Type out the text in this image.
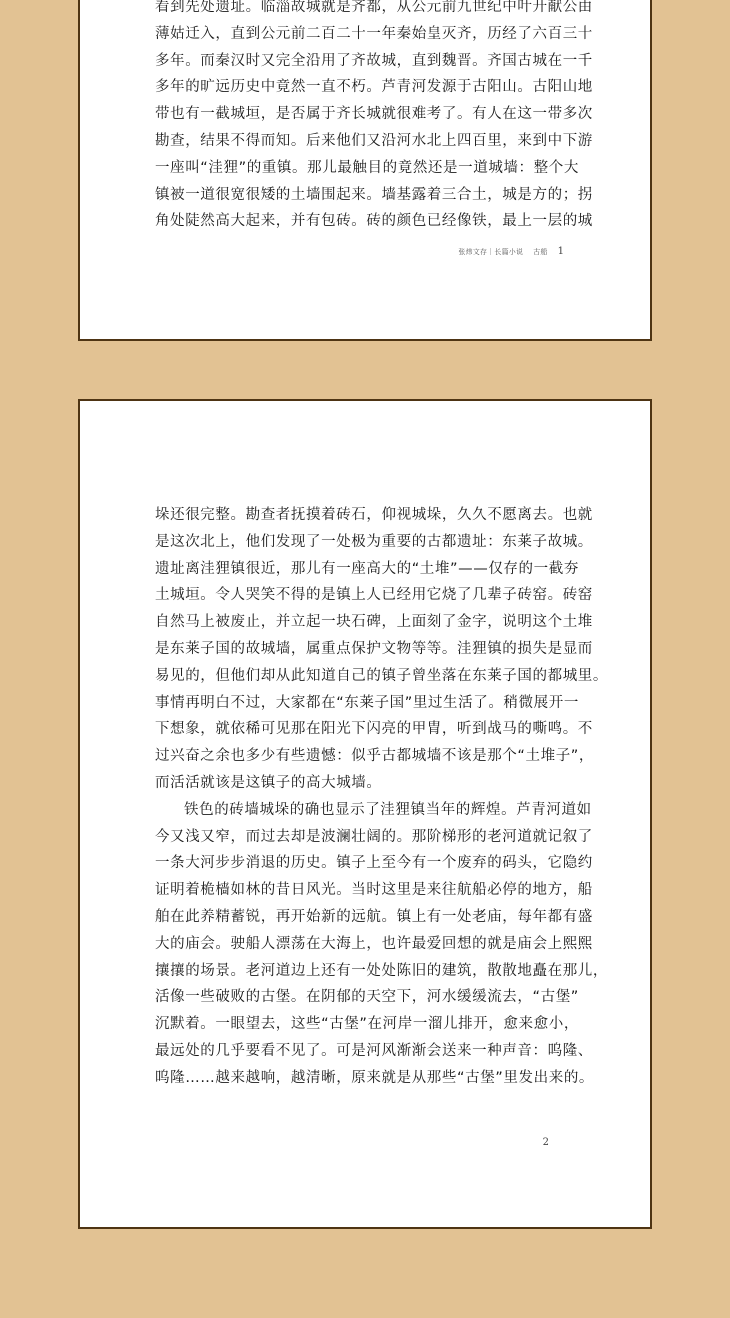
看到先处遗址。临淄故城就是齐都，从公元前九世纪中叶开献公由
薄姑迁入，直到公元前二百二十一年秦始皇灭齐，历经了六百三十
多年。而秦汉时又完全沿用了齐故城，直到魏晋。齐国古城在一千
多年的旷远历史中竟然一直不朽。芦青河发源于古阳山。古阳山地
带也有一截城垣，是否属于齐长城就很难考了。有人在这一带多次
勘查，结果不得而知。后来他们又沿河水北上四百里，来到中下游
一座叫“洼狸”的重镇。那儿最触目的竟然还是一道城墙：整个大
镇被一道很宽很矮的土墙围起来。墙基露着三合土，城是方的；拐
角处陡然高大起来，并有包砖。砖的颜色已经像铁，最上一层的城
张炜文存｜长篇小说 古船 1
垛还很完整。勘查者抚摸着砖石，仰视城垛，久久不愿离去。也就
是这次北上，他们发现了一处极为重要的古都遗址：东莱子故城。
遗址离洼狸镇很近，那儿有一座高大的“土堆”——仅存的一截夯
土城垣。令人哭笑不得的是镇上人已经用它烧了几辈子砖窑。砖窑
自然马上被废止，并立起一块石碑，上面刻了金字，说明这个土堆
是东莱子国的故城墙，属重点保护文物等等。洼狸镇的损失是显而
易见的，但他们却从此知道自己的镇子曾坐落在东莱子国的都城里。
事情再明白不过，大家都在“东莱子国”里过生活了。稍微展开一
下想象，就依稀可见那在阳光下闪亮的甲胄，听到战马的嘶鸣。不
过兴奋之余也多少有些遗憾：似乎古都城墙不该是那个“土堆子”，
而活活就该是这镇子的高大城墙。
铁色的砖墙城垛的确也显示了洼狸镇当年的辉煌。芦青河道如
今又浅又窄，而过去却是波澜壮阔的。那阶梯形的老河道就记叙了
一条大河步步消退的历史。镇子上至今有一个废弃的码头，它隐约
证明着桅樯如林的昔日风光。当时这里是来往航船必停的地方，船
舶在此养精蓄锐，再开始新的远航。镇上有一处老庙，每年都有盛
大的庙会。驶船人漂荡在大海上，也许最爱回想的就是庙会上熙熙
攘攘的场景。老河道边上还有一处处陈旧的建筑，散散地矗在那儿，
活像一些破败的古堡。在阴郁的天空下，河水缓缓流去，“古堡”
沉默着。一眼望去，这些“古堡”在河岸一溜儿排开，愈来愈小，
最远处的几乎要看不见了。可是河风渐渐会送来一种声音：呜隆、
呜隆……越来越响，越清晰，原来就是从那些“古堡”里发出来的。
2
